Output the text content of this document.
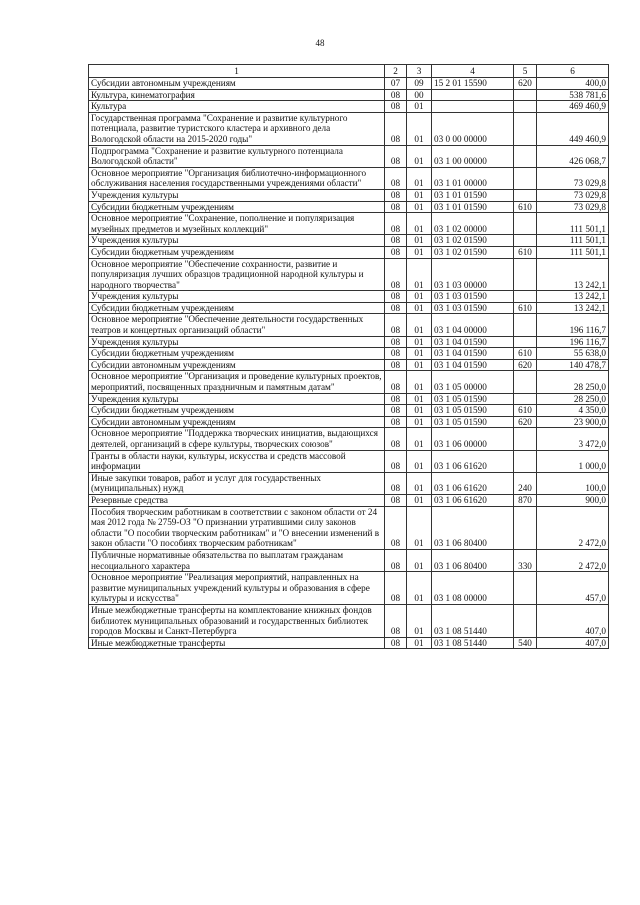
48
1	2	3	4	5	6
Субсидии автономным учреждениям	07	09	15 2 01 15590	620	400,0
Культура, кинематография	08	00			538 781,6
Культура	08	01			469 460,9
Государственная программа "Сохранение и развитие культурного потенциала, развитие туристского кластера и архивного дела Вологодской области на 2015-2020 годы"	08	01	03 0 00 00000		449 460,9
Подпрограмма "Сохранение и развитие культурного потенциала Вологодской области"	08	01	03 1 00 00000		426 068,7
Основное мероприятие "Организация библиотечно-информационного обслуживания населения государственными учреждениями области"	08	01	03 1 01 00000		73 029,8
Учреждения культуры	08	01	03 1 01 01590		73 029,8
Субсидии бюджетным учреждениям	08	01	03 1 01 01590	610	73 029,8
Основное мероприятие "Сохранение, пополнение и популяризация музейных предметов и музейных коллекций"	08	01	03 1 02 00000		111 501,1
Учреждения культуры	08	01	03 1 02 01590		111 501,1
Субсидии бюджетным учреждениям	08	01	03 1 02 01590	610	111 501,1
Основное мероприятие "Обеспечение сохранности, развитие и популяризация лучших образцов традиционной народной культуры и народного творчества"	08	01	03 1 03 00000		13 242,1
Учреждения культуры	08	01	03 1 03 01590		13 242,1
Субсидии бюджетным учреждениям	08	01	03 1 03 01590	610	13 242,1
Основное мероприятие "Обеспечение деятельности государственных театров и концертных организаций области"	08	01	03 1 04 00000		196 116,7
Учреждения культуры	08	01	03 1 04 01590		196 116,7
Субсидии бюджетным учреждениям	08	01	03 1 04 01590	610	55 638,0
Субсидии автономным учреждениям	08	01	03 1 04 01590	620	140 478,7
Основное мероприятие "Организация и проведение культурных проектов, мероприятий, посвященных праздничным и памятным датам"	08	01	03 1 05 00000		28 250,0
Учреждения культуры	08	01	03 1 05 01590		28 250,0
Субсидии бюджетным учреждениям	08	01	03 1 05 01590	610	4 350,0
Субсидии автономным учреждениям	08	01	03 1 05 01590	620	23 900,0
Основное мероприятие "Поддержка творческих инициатив, выдающихся деятелей, организаций в сфере культуры, творческих союзов"	08	01	03 1 06 00000		3 472,0
Гранты в области науки, культуры, искусства и средств массовой информации	08	01	03 1 06 61620		1 000,0
Иные закупки товаров, работ и услуг для государственных (муниципальных) нужд	08	01	03 1 06 61620	240	100,0
Резервные средства	08	01	03 1 06 61620	870	900,0
Пособия творческим работникам в соответствии с законом области от 24 мая 2012 года № 2759-ОЗ "О признании утратившими силу законов области "О пособии творческим работникам" и "О внесении изменений в закон области "О пособиях творческим работникам"	08	01	03 1 06 80400		2 472,0
Публичные нормативные обязательства по выплатам гражданам несоциального характера	08	01	03 1 06 80400	330	2 472,0
Основное мероприятие "Реализация мероприятий, направленных на развитие муниципальных учреждений культуры и образования в сфере культуры и искусства"	08	01	03 1 08 00000		457,0
Иные межбюджетные трансферты на комплектование книжных фондов библиотек муниципальных образований и государственных библиотек городов Москвы и Санкт-Петербурга	08	01	03 1 08 51440		407,0
Иные межбюджетные трансферты	08	01	03 1 08 51440	540	407,0
